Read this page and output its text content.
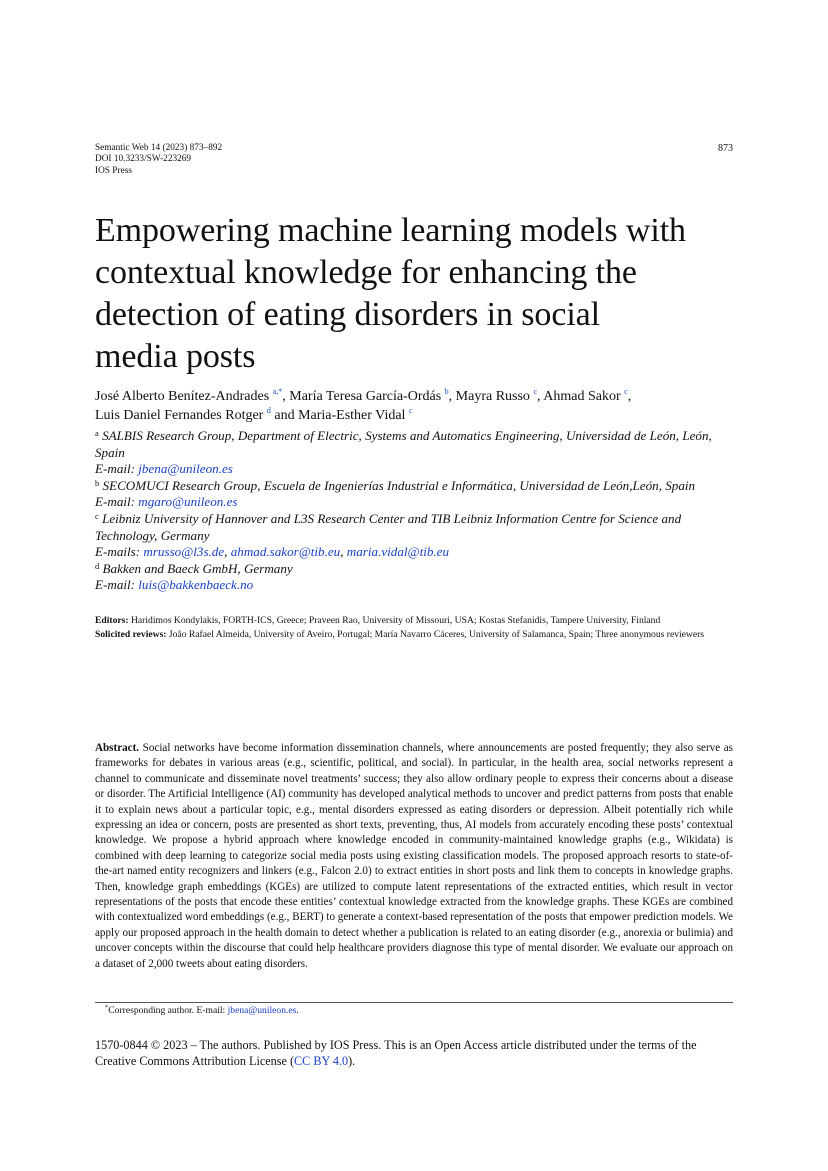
Semantic Web 14 (2023) 873–892
DOI 10.3233/SW-223269
IOS Press
873
Empowering machine learning models with
contextual knowledge for enhancing the
detection of eating disorders in social
media posts
José Alberto Benítez-Andrades $^{a,*}$, María Teresa García-Ordás $^b$, Mayra Russo $^c$, Ahmad Sakor $^c$,
Luis Daniel Fernandes Rotger $^d$ and Maria-Esther Vidal $^c$
$^a$ SALBIS Research Group, Department of Electric, Systems and Automatics Engineering, Universidad de León, León, Spain
E-mail: jbena@unileon.es
$^b$ SECOMUCI Research Group, Escuela de Ingenierías Industrial e Informática, Universidad de León,León, Spain
E-mail: mgaro@unileon.es
$^c$ Leibniz University of Hannover and L3S Research Center and TIB Leibniz Information Centre for Science and Technology, Germany
E-mails: mrusso@l3s.de, ahmad.sakor@tib.eu, maria.vidal@tib.eu
$^d$ Bakken and Baeck GmbH, Germany
E-mail: luis@bakkenbaeck.no
Editors: Haridimos Kondylakis, FORTH-ICS, Greece; Praveen Rao, University of Missouri, USA; Kostas Stefanidis, Tampere University, Finland
Solicited reviews: João Rafael Almeida, University of Aveiro, Portugal; María Navarro Cáceres, University of Salamanca, Spain; Three anonymous reviewers
Abstract. Social networks have become information dissemination channels, where announcements are posted frequently; they also serve as frameworks for debates in various areas (e.g., scientific, political, and social). In particular, in the health area, social networks represent a channel to communicate and disseminate novel treatments’ success; they also allow ordinary people to express their concerns about a disease or disorder. The Artificial Intelligence (AI) community has developed analytical methods to uncover and predict patterns from posts that enable it to explain news about a particular topic, e.g., mental disorders expressed as eating disorders or depression. Albeit potentially rich while expressing an idea or concern, posts are presented as short texts, preventing, thus, AI models from accurately encoding these posts’ contextual knowledge. We propose a hybrid approach where knowledge encoded in community-maintained knowledge graphs (e.g., Wikidata) is combined with deep learning to categorize social media posts using existing classification models. The proposed approach resorts to state-of-the-art named entity recognizers and linkers (e.g., Falcon 2.0) to extract entities in short posts and link them to concepts in knowledge graphs. Then, knowledge graph embeddings (KGEs) are utilized to compute latent representations of the extracted entities, which result in vector representations of the posts that encode these entities’ contextual knowledge extracted from the knowledge graphs. These KGEs are combined with contextualized word embeddings (e.g., BERT) to generate a context-based representation of the posts that empower prediction models. We apply our proposed approach in the health domain to detect whether a publication is related to an eating disorder (e.g., anorexia or bulimia) and uncover concepts within the discourse that could help healthcare providers diagnose this type of mental disorder. We evaluate our approach on a dataset of 2,000 tweets about eating disorders.
*Corresponding author. E-mail: jbena@unileon.es.
1570-0844 © 2023 – The authors. Published by IOS Press. This is an Open Access article distributed under the terms of the Creative Commons Attribution License (CC BY 4.0).
